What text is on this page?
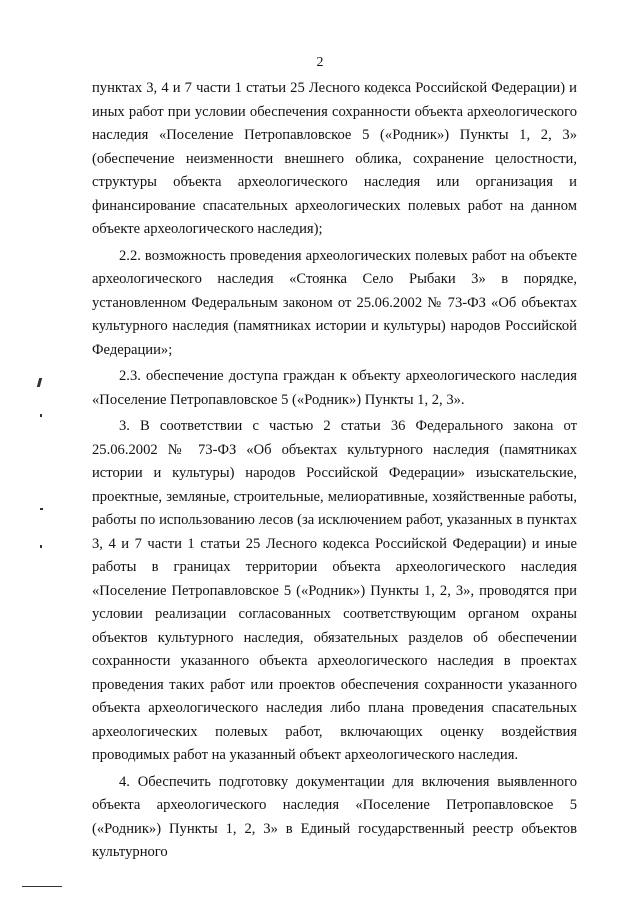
2

пунктах 3, 4 и 7 части 1 статьи 25 Лесного кодекса Российской Федерации) и иных работ при условии обеспечения сохранности объекта археологического наследия «Поселение Петропавловское 5 («Родник») Пункты 1, 2, 3» (обеспечение неизменности внешнего облика, сохранение целостности, структуры объекта археологического наследия или организация и финансирование спасательных археологических полевых работ на данном объекте археологического наследия);

2.2. возможность проведения археологических полевых работ на объекте археологического наследия «Стоянка Село Рыбаки 3» в порядке, установленном Федеральным законом от 25.06.2002 № 73-ФЗ «Об объектах культурного наследия (памятниках истории и культуры) народов Российской Федерации»;

2.3. обеспечение доступа граждан к объекту археологического наследия «Поселение Петропавловское 5 («Родник») Пункты 1, 2, 3».

3. В соответствии с частью 2 статьи 36 Федерального закона от 25.06.2002 № 73-ФЗ «Об объектах культурного наследия (памятниках истории и культуры) народов Российской Федерации» изыскательские, проектные, земляные, строительные, мелиоративные, хозяйственные работы, работы по использованию лесов (за исключением работ, указанных в пунктах 3, 4 и 7 части 1 статьи 25 Лесного кодекса Российской Федерации) и иные работы в границах территории объекта археологического наследия «Поселение Петропавловское 5 («Родник») Пункты 1, 2, 3», проводятся при условии реализации согласованных соответствующим органом охраны объектов культурного наследия, обязательных разделов об обеспечении сохранности указанного объекта археологического наследия в проектах проведения таких работ или проектов обеспечения сохранности указанного объекта археологического наследия либо плана проведения спасательных археологических полевых работ, включающих оценку воздействия проводимых работ на указанный объект археологического наследия.

4. Обеспечить подготовку документации для включения выявленного объекта археологического наследия «Поселение Петропавловское 5 («Родник») Пункты 1, 2, 3» в Единый государственный реестр объектов культурного
